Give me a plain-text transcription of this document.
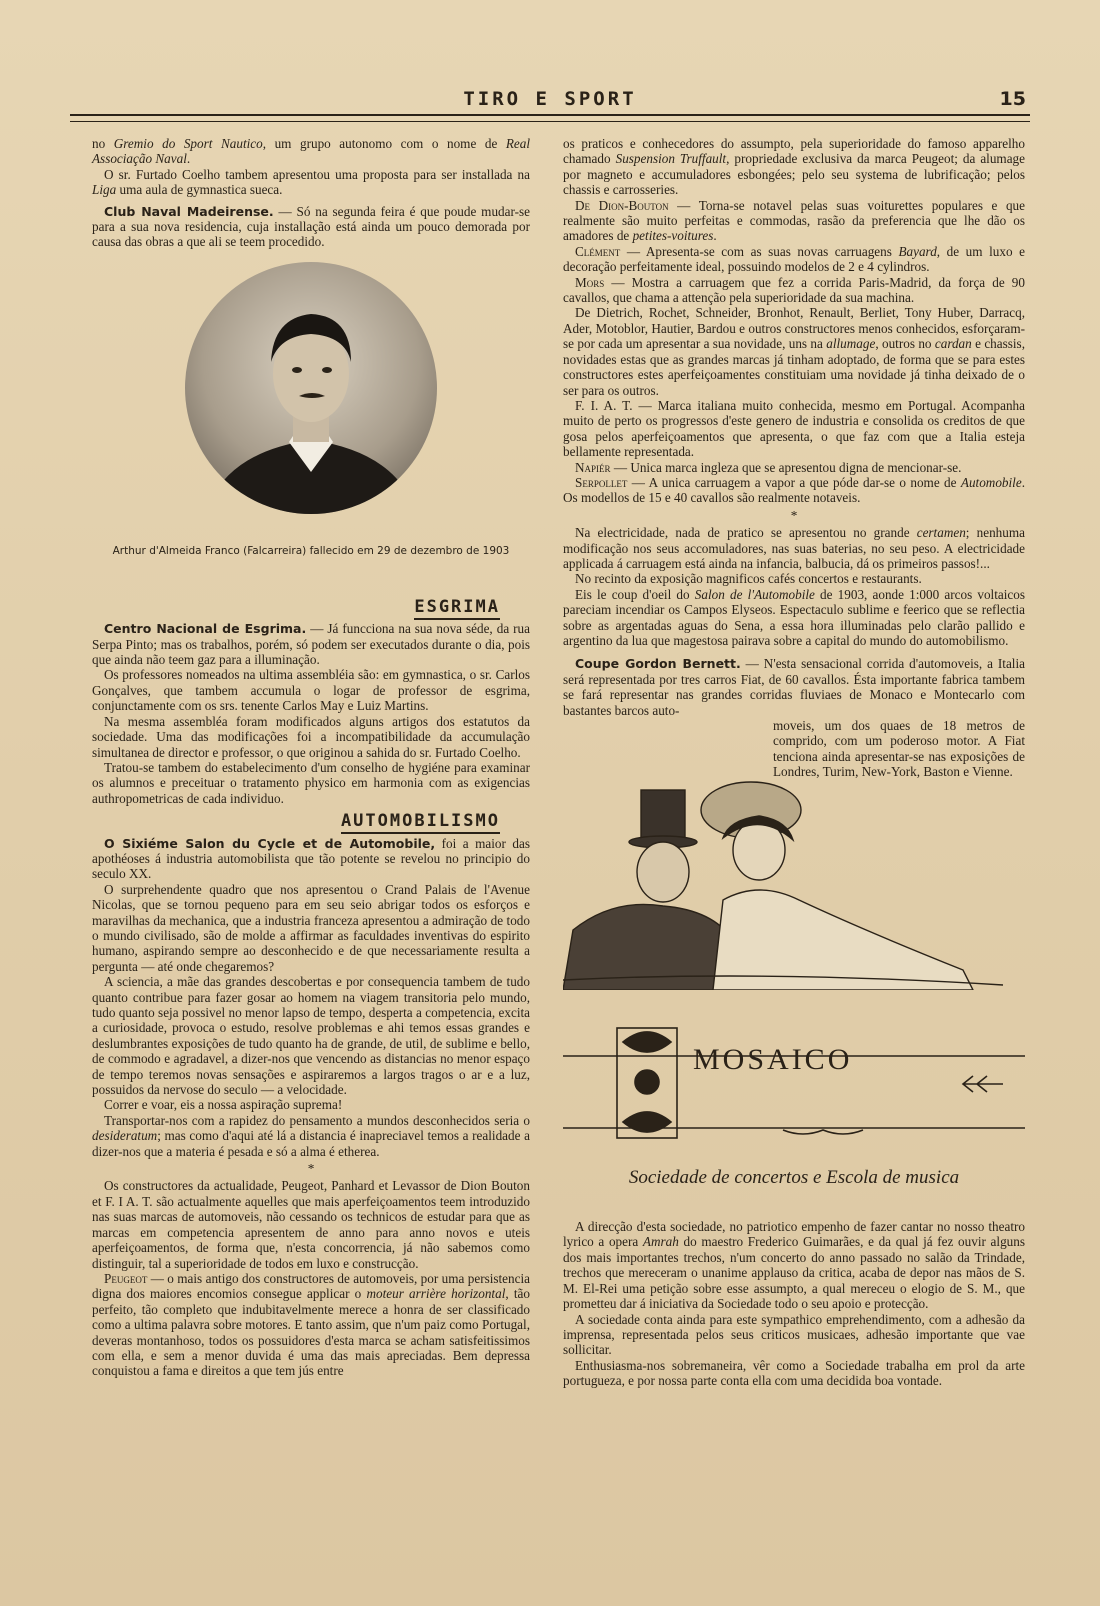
TIRO E SPORT	15

no Gremio do Sport Nautico, um grupo autonomo com o nome de Real Associação Naval.

O sr. Furtado Coelho tambem apresentou uma proposta para ser installada na Liga uma aula de gymnastica sueca.

Club Naval Madeirense. — Só na segunda feira é que poude mudar-se para a sua nova residencia, cuja installação está ainda um pouco demorada por causa das obras a que ali se teem procedido.

Arthur d'Almeida Franco (Falcarreira) fallecido em 29 de dezembro de 1903
ESGRIMA

Centro Nacional de Esgrima. — Já funcciona na sua nova séde, da rua Serpa Pinto; mas os trabalhos, porém, só podem ser executados durante o dia, pois que ainda não teem gaz para a illuminação.

Os professores nomeados na ultima assembléia são: em gymnastica, o sr. Carlos Gonçalves, que tambem accumula o logar de professor de esgrima, conjunctamente com os srs. tenente Carlos May e Luiz Martins.

Na mesma assembléa foram modificados alguns artigos dos estatutos da sociedade. Uma das modificações foi a incompatibilidade da accumulação simultanea de director e professor, o que originou a sahida do sr. Furtado Coelho.

Tratou-se tambem do estabelecimento d'um conselho de hygiéne para examinar os alumnos e preceituar o tratamento physico em harmonia com as exigencias authropometricas de cada individuo.

AUTOMOBILISMO

O Sixiéme Salon du Cycle et de Automobile, foi a maior das apothéoses á industria automobilista que tão potente se revelou no principio do seculo XX.

O surprehendente quadro que nos apresentou o Crand Palais de l'Avenue Nicolas, que se tornou pequeno para em seu seio abrigar todos os esforços e maravilhas da mechanica, que a industria franceza apresentou a admiração de todo o mundo civilisado, são de molde a affirmar as faculdades inventivas do espirito humano, aspirando sempre ao desconhecido e de que necessariamente resulta a pergunta — até onde chegaremos?

A sciencia, a mãe das grandes descobertas e por consequencia tambem de tudo quanto contribue para fazer gosar ao homem na viagem transitoria pelo mundo, tudo quanto seja possivel no menor lapso de tempo, desperta a competencia, excita a curiosidade, provoca o estudo, resolve problemas e ahi temos essas grandes e deslumbrantes exposições de tudo quanto ha de grande, de util, de sublime e bello, de commodo e agradavel, a dizer-nos que vencendo as distancias no menor espaço de tempo teremos novas sensações e aspiraremos a largos tragos o ar e a luz, possuidos da nervose do seculo — a velocidade.

Correr e voar, eis a nossa aspiração suprema!

Transportar-nos com a rapidez do pensamento a mundos desconhecidos seria o desideratum; mas como d'aqui até lá a distancia é inapreciavel temos a realidade a dizer-nos que a materia é pesada e só a alma é etherea.

*

Os constructores da actualidade, Peugeot, Panhard et Levassor de Dion Bouton et F. I A. T. são actualmente aquelles que mais aperfeiçoamentos teem introduzido nas suas marcas de automoveis, não cessando os technicos de estudar para que as marcas em competencia apresentem de anno para anno novos e uteis aperfeiçoamentos, de forma que, n'esta concorrencia, já não sabemos como distinguir, tal a superioridade de todos em luxo e construcção.

Peugeot — o mais antigo dos constructores de automoveis, por uma persistencia digna dos maiores encomios consegue applicar o moteur arrière horizontal, tão perfeito, tão completo que indubitavelmente merece a honra de ser classificado como a ultima palavra sobre motores. E tanto assim, que n'um paiz como Portugal, deveras montanhoso, todos os possuidores d'esta marca se acham satisfeitissimos com ella, e sem a menor duvida é uma das mais apreciadas. Bem depressa conquistou a fama e direitos a que tem jús entre

os praticos e conhecedores do assumpto, pela superioridade do famoso apparelho chamado Suspension Truffault, propriedade exclusiva da marca Peugeot; da alumage por magneto e accumuladores esbongées; pelo seu systema de lubrificação; pelos chassis e carrosseries.

De Dion-Bouton — Torna-se notavel pelas suas voiturettes populares e que realmente são muito perfeitas e commodas, rasão da preferencia que lhe dão os amadores de petites-voitures.

Clément — Apresenta-se com as suas novas carruagens Bayard, de um luxo e decoração perfeitamente ideal, possuindo modelos de 2 e 4 cylindros.

Mors — Mostra a carruagem que fez a corrida Paris-Madrid, da força de 90 cavallos, que chama a attenção pela superioridade da sua machina.

De Dietrich, Rochet, Schneider, Bronhot, Renault, Berliet, Tony Huber, Darracq, Ader, Motoblor, Hautier, Bardou e outros constructores menos conhecidos, esforçaram-se por cada um apresentar a sua novidade, uns na allumage, outros no cardan e chassis, novidades estas que as grandes marcas já tinham adoptado, de forma que se para estes constructores estes aperfeiçoamentes constituiam uma novidade já tinha deixado de o ser para os outros.

F. I. A. T. — Marca italiana muito conhecida, mesmo em Portugal. Acompanha muito de perto os progressos d'este genero de industria e consolida os creditos de que gosa pelos aperfeiçoamentos que apresenta, o que faz com que a Italia esteja bellamente representada.

Napiér — Unica marca ingleza que se apresentou digna de mencionar-se.

Serpollet — A unica carruagem a vapor a que póde dar-se o nome de Automobile. Os modellos de 15 e 40 cavallos são realmente notaveis.

*

Na electricidade, nada de pratico se apresentou no grande certamen; nenhuma modificação nos seus accomuladores, nas suas baterias, no seu peso. A electricidade applicada á carruagem está ainda na infancia, balbucia, dá os primeiros passos!...

No recinto da exposição magnificos cafés concertos e restaurants.

Eis le coup d'oeil do Salon de l'Automobile de 1903, aonde 1:000 arcos voltaicos pareciam incendiar os Campos Elyseos. Espectaculo sublime e feerico que se reflectia sobre as argentadas aguas do Sena, a essa hora illuminadas pelo clarão pallido e argentino da lua que magestosa pairava sobre a capital do mundo do automobilismo.

Coupe Gordon Bernett. — N'esta sensacional corrida d'automoveis, a Italia será representada por tres carros Fiat, de 60 cavallos. Ésta importante fabrica tambem se fará representar nas grandes corridas fluviaes de Monaco e Montecarlo com bastantes barcos auto-

moveis, um dos quaes de 18 metros de comprido, com um poderoso motor. A Fiat tenciona ainda apresentar-se nas exposições de Londres, Turim, New-York, Baston e Vienne.
MOSAICO
Sociedade de concertos e Escola de musica

A direcção d'esta sociedade, no patriotico empenho de fazer cantar no nosso theatro lyrico a opera Amrah do maestro Frederico Guimarães, e da qual já fez ouvir alguns dos mais importantes trechos, n'um concerto do anno passado no salão da Trindade, trechos que mereceram o unanime applauso da critica, acaba de depor nas mãos de S. M. El-Rei uma petição sobre esse assumpto, a qual mereceu o elogio de S. M., que prometteu dar á iniciativa da Sociedade todo o seu apoio e protecção.

A sociedade conta ainda para este sympathico emprehendimento, com a adhesão da imprensa, representada pelos seus criticos musicaes, adhesão importante que vae sollicitar.

Enthusiasma-nos sobremaneira, vêr como a Sociedade trabalha em prol da arte portugueza, e por nossa parte conta ella com uma decidida boa vontade.
